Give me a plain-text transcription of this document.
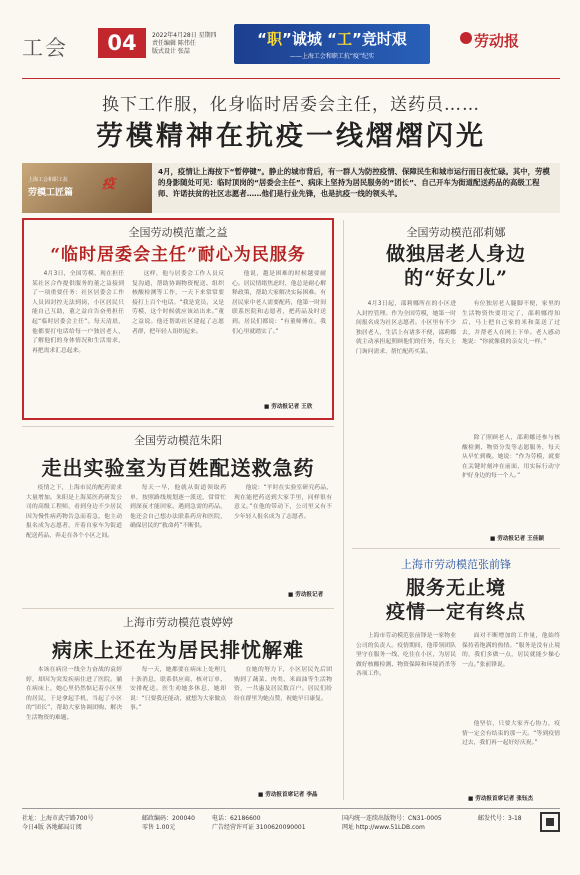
工会	04	2022年4月28日 星期四
责任编辑 陈伟任
版式设计 张喆
“职”诚城 “工”竞时艰
——上海工会和职工抗“疫”纪实
劳动报
换下工作服，化身临时居委会主任，送药员……
劳模精神在抗疫一线熠熠闪光
上海工会和职工抗
劳模工匠篇
疫
4月，疫情让上海按下“暂停键”。静止的城市背后，有一群人为防控疫情、保障民生和城市运行而日夜忙碌。其中，劳模的身影随处可见：临时顶岗的“居委会主任”、病床上坚持为居民服务的“团长”、自己开车为街道配送药品的高级工程师、许诺扶贫的社区志愿者……他们是行业先锋，也是抗疫一线的领头羊。
全国劳动模范董之益
“临时居委会主任”耐心为民服务
4月3日，全国劳模、现在担任某社区合作提供服务的董之益接到了一项重要任务：社区居委会工作人员因封控无法到岗，小区居民只能自己互助，董之益自告奋勇担任起“临时居委会主任”。每天清晨，他都要打电话给每一户独居老人，了解他们的身体情况和生活需求，再把需求汇总起来。
这样，他与居委会工作人员反复沟通，帮助协调物资配送、组织核酸检测等工作，一天下来常常要接打上百个电话。“我是党员，又是劳模，这个时候就应该站出来。”董之益说。他还帮助社区建起了志愿者群，把年轻人组织起来。
他说，越是困难的时候越要耐心。居民情绪焦虑时，他总是耐心解释政策，帮助大家解决实际困难。有居民家中老人需要配药，他第一时间联系医院和志愿者，把药品及时送到。居民们都说：“有董师傅在，我们心里就踏实了。”
■ 劳动报记者 王欣
全国劳动模范邵莉娜
做独居老人身边
的“好女儿”
4月3日起，邵莉娜所在的小区进入封控管理。作为全国劳模，她第一时间报名成为社区志愿者。小区里有不少独居老人，生活上有诸多不便，邵莉娜就主动承担起照顾他们的任务，每天上门询问需求、帮忙配药买菜。
有位独居老人腿脚不便，家里的生活物资快要用完了，邵莉娜得知后，马上把自己家的米和菜送了过去，并帮老人在网上下单。老人感动地说：“你就像我的亲女儿一样。”
除了照顾老人，邵莉娜还参与核酸检测、物资分发等志愿服务，每天从早忙到晚。她说：“作为劳模，就要在关键时刻冲在前面，用实际行动守护好身边的每一个人。”
■ 劳动报记者 王佳颖
全国劳动模范朱阳
走出实验室为百姓配送救急药
疫情之下，上海市民的配药需求大量增加。朱阳是上海某医药研发公司的高级工程师，看到身边不少居民因为慢性病药物告急而着急，他主动报名成为志愿者，开着自家车为街道配送药品，奔走在各个小区之间。
每天一早，他就从街道领取药单，按照路线规划逐一派送，常常忙到深夜才能回家。遇到急需的药品，他还会自己想办法联系药房和医院，确保居民的“救命药”不断供。
他说：“平时在实验室研究药品，现在能把药送到大家手里，同样很有意义。”在他的带动下，公司里又有不少年轻人报名成为了志愿者。
■ 劳动报记者
上海市劳动模范袁婷婷
病床上还在为居民排忧解难
本该在病房一线全力奋战的袁婷婷，却因为突发疾病住进了医院。躺在病床上，她心里仍然惦记着小区里的居民，于是拿起手机，当起了小区的“团长”，帮助大家协调团购、解决生活物资的难题。
每一天，她都要在病床上处理几十条消息，联系供应商、核对订单、安排配送。医生劝她多休息，她却说：“只要我还能动，就想为大家做点事。”
在她的努力下，小区居民先后团购到了蔬菜、肉类、米面油等生活物资，一共惠及居民数百户。居民们纷纷在群里为她点赞，祝她早日康复。
■ 劳动报首席记者 李晶
上海市劳动模范张前锋
服务无止境
疫情一定有终点
上海市劳动模范张前锋是一家物业公司的负责人。疫情期间，他带领团队坚守在服务一线，吃住在小区，为居民做好核酸检测、物资保障和环境消杀等各项工作。
面对不断增加的工作量，他始终保持着饱满的热情。“服务是没有止境的，我们多做一点，居民就能少操心一点。”张前锋说。
他坚信，只要大家齐心协力，疫情一定会有结束的那一天。“等到疫情过去，我们再一起好好庆祝。”
■ 劳动报首席记者 张钰杰
社址：上海市武宁路700号
今日4版 各地邮局订阅
邮政编码：200040
零售 1.00元
电话：62186600
广告经营许可证 3100620090001
国内统一连续出版物号：CN31-0005
网址 http://www.51LDB.com
邮发代号：3-18
